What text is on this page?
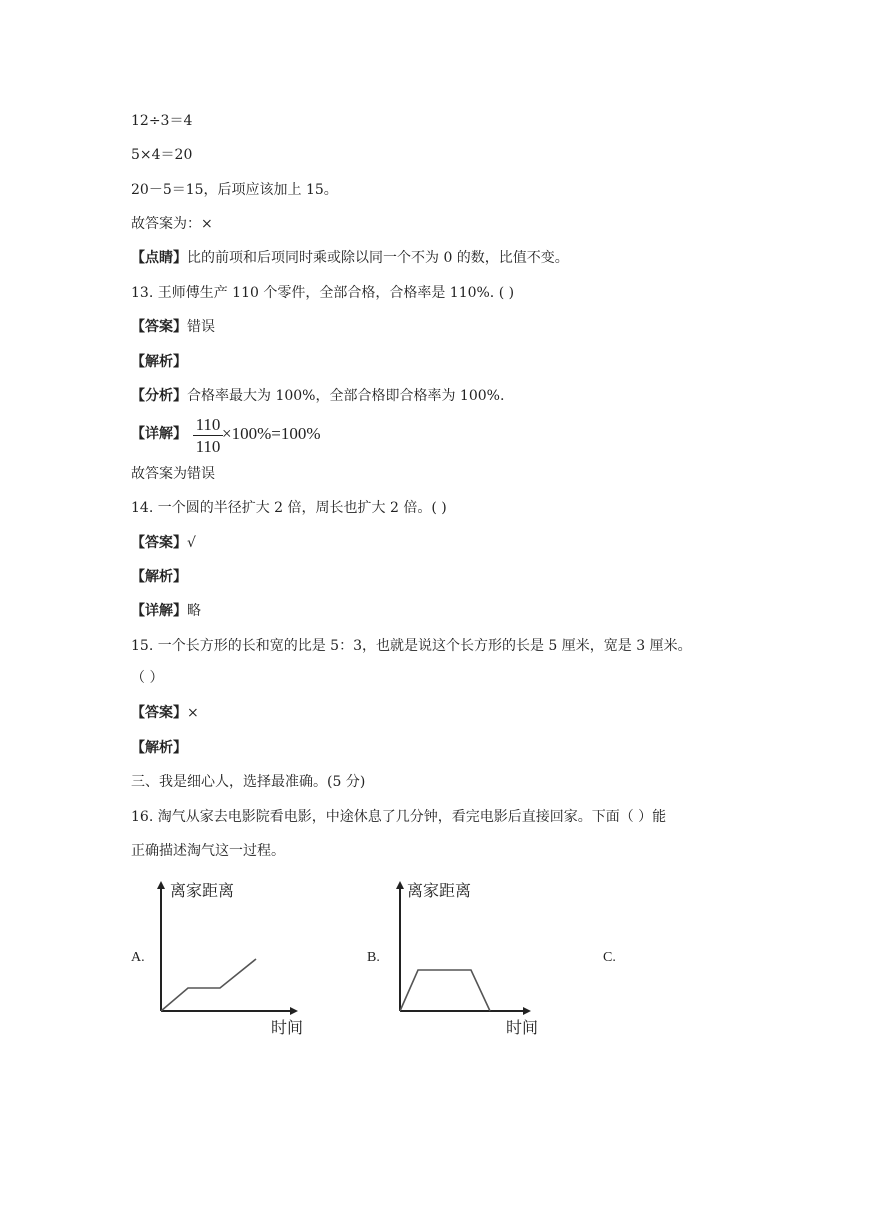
12÷3＝4
5×4＝20
20－5＝15，后项应该加上 15。
故答案为：×
【点睛】比的前项和后项同时乘或除以同一个不为 0 的数，比值不变。
13. 王师傅生产 110 个零件，全部合格，合格率是 110%. ( )
【答案】错误
【解析】
【分析】合格率最大为 100%，全部合格即合格率为 100%.
【详解】 $\frac{110}{110} \times 100\%=100\%$
故答案为错误
14. 一个圆的半径扩大 2 倍，周长也扩大 2 倍。( )
【答案】√
【解析】
【详解】略
15. 一个长方形的长和宽的比是 5：3，也就是说这个长方形的长是 5 厘米，宽是 3 厘米。
（ ）
【答案】×
【解析】
三、我是细心人，选择最准确。(5 分)
16. 淘气从家去电影院看电影，中途休息了几分钟，看完电影后直接回家。下面（ ）能
正确描述淘气这一过程。
A.	B.	C.
离家距离
时间
离家距离
时间
